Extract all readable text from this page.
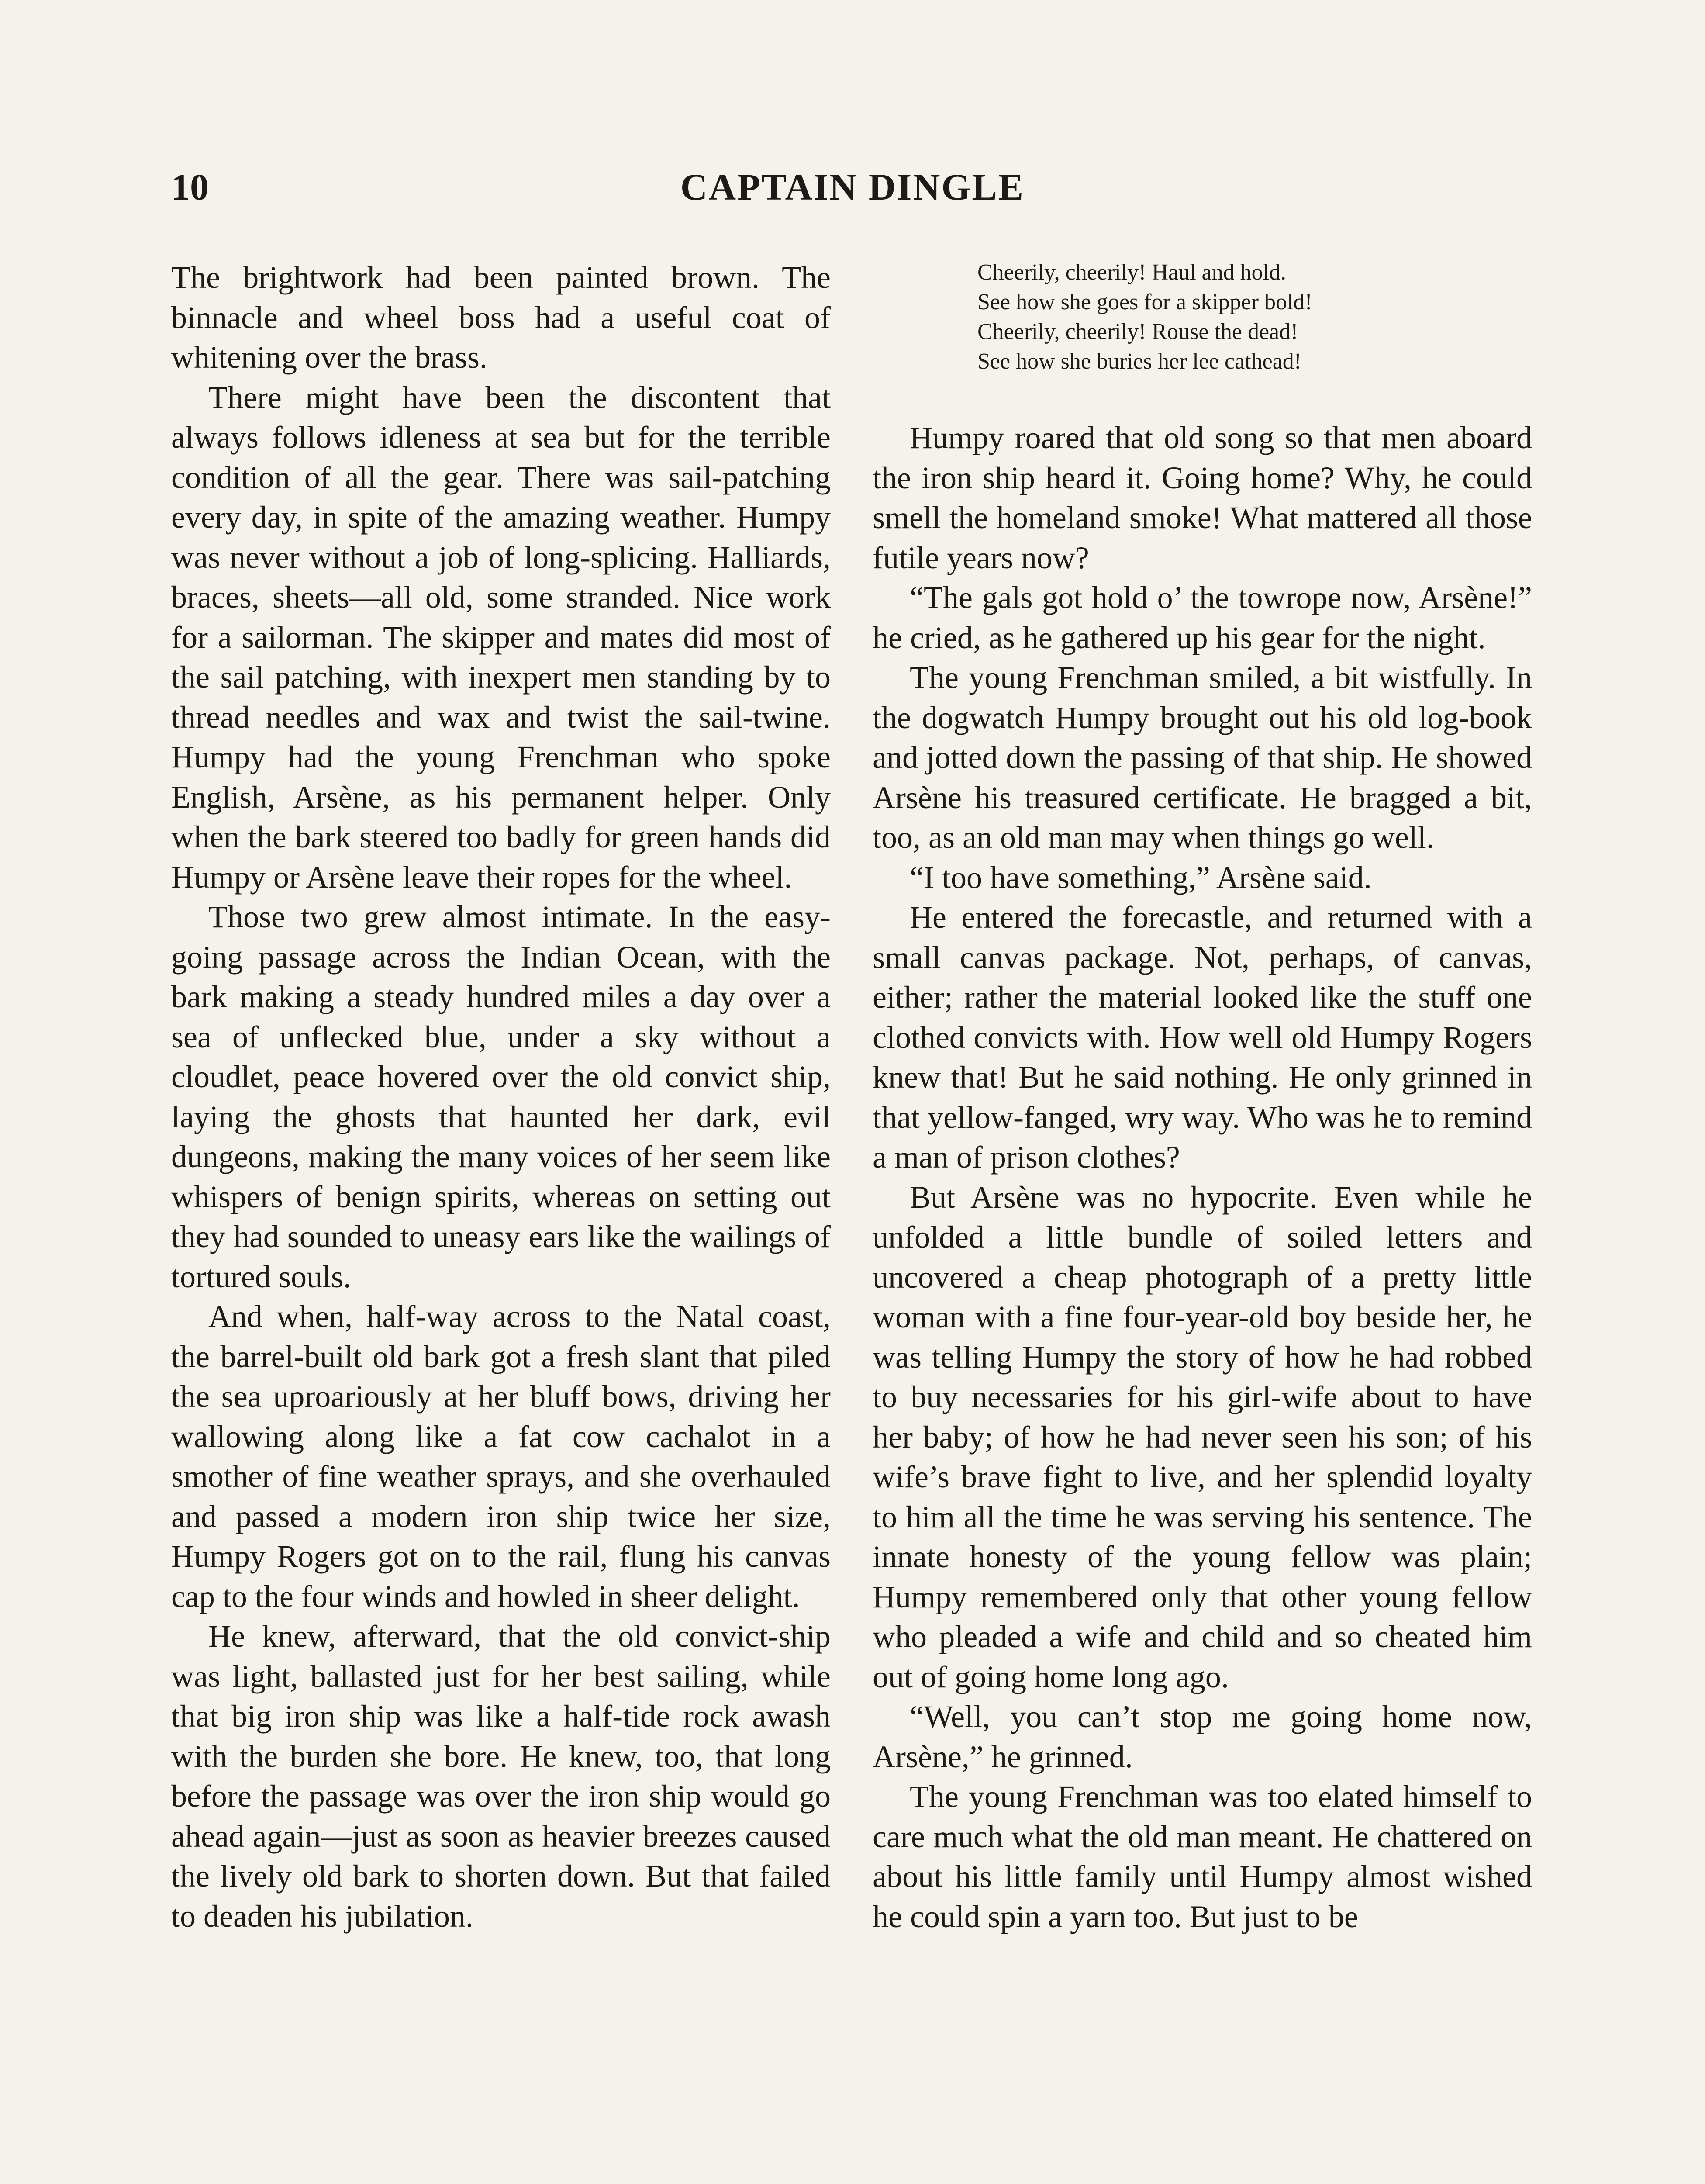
10	CAPTAIN DINGLE

The brightwork had been painted brown. The binnacle and wheel boss had a useful coat of whitening over the brass.

There might have been the discontent that always follows idleness at sea but for the terrible condition of all the gear. There was sail-patching every day, in spite of the amazing weather. Humpy was never without a job of long-splicing. Halliards, braces, sheets—all old, some stranded. Nice work for a sailorman. The skipper and mates did most of the sail patching, with inexpert men standing by to thread needles and wax and twist the sail-twine. Humpy had the young Frenchman who spoke English, Arsène, as his permanent helper. Only when the bark steered too badly for green hands did Humpy or Arsène leave their ropes for the wheel.

Those two grew almost intimate. In the easy-going passage across the Indian Ocean, with the bark making a steady hundred miles a day over a sea of unflecked blue, under a sky without a cloudlet, peace hovered over the old convict ship, laying the ghosts that haunted her dark, evil dungeons, making the many voices of her seem like whispers of benign spirits, whereas on setting out they had sounded to uneasy ears like the wailings of tortured souls.

And when, half-way across to the Natal coast, the barrel-built old bark got a fresh slant that piled the sea uproariously at her bluff bows, driving her wallowing along like a fat cow cachalot in a smother of fine weather sprays, and she overhauled and passed a modern iron ship twice her size, Humpy Rogers got on to the rail, flung his canvas cap to the four winds and howled in sheer delight.

He knew, afterward, that the old convict-ship was light, ballasted just for her best sailing, while that big iron ship was like a half-tide rock awash with the burden she bore. He knew, too, that long before the passage was over the iron ship would go ahead again—just as soon as heavier breezes caused the lively old bark to shorten down. But that failed to deaden his jubilation.

Cheerily, cheerily! Haul and hold.
See how she goes for a skipper bold!
Cheerily, cheerily! Rouse the dead!
See how she buries her lee cathead!

Humpy roared that old song so that men aboard the iron ship heard it. Going home? Why, he could smell the homeland smoke! What mattered all those futile years now?

“The gals got hold o’ the towrope now, Arsène!” he cried, as he gathered up his gear for the night.

The young Frenchman smiled, a bit wistfully. In the dogwatch Humpy brought out his old log-book and jotted down the passing of that ship. He showed Arsène his treasured certificate. He bragged a bit, too, as an old man may when things go well.

“I too have something,” Arsène said.

He entered the forecastle, and returned with a small canvas package. Not, perhaps, of canvas, either; rather the material looked like the stuff one clothed convicts with. How well old Humpy Rogers knew that! But he said nothing. He only grinned in that yellow-fanged, wry way. Who was he to remind a man of prison clothes?

But Arsène was no hypocrite. Even while he unfolded a little bundle of soiled letters and uncovered a cheap photograph of a pretty little woman with a fine four-year-old boy beside her, he was telling Humpy the story of how he had robbed to buy necessaries for his girl-wife about to have her baby; of how he had never seen his son; of his wife’s brave fight to live, and her splendid loyalty to him all the time he was serving his sentence. The innate honesty of the young fellow was plain; Humpy remembered only that other young fellow who pleaded a wife and child and so cheated him out of going home long ago.

“Well, you can’t stop me going home now, Arsène,” he grinned.

The young Frenchman was too elated himself to care much what the old man meant. He chattered on about his little family until Humpy almost wished he could spin a yarn too. But just to be
